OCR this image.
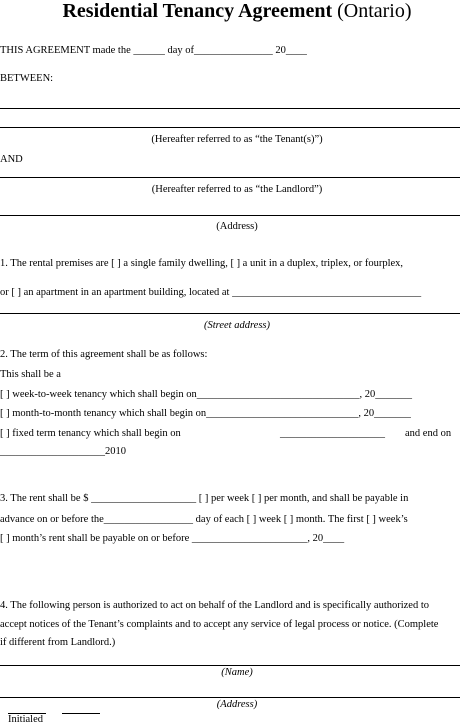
Residential Tenancy Agreement (Ontario)
THIS AGREEMENT made the ______ day of_______________ 20____
BETWEEN:
(Hereafter referred to as “the Tenant(s)”)
AND
(Hereafter referred to as “the Landlord”)
(Address)
1. The rental premises are [ ] a single family dwelling, [ ] a unit in a duplex, triplex, or fourplex,
or [ ] an apartment in an apartment building, located at ____________________________________
(Street address)
2. The term of this agreement shall be as follows:
This shall be a
[ ] week-to-week tenancy which shall begin on_______________________________, 20_______
[ ] month-to-month tenancy which shall begin on_____________________________, 20_______
[ ] fixed term tenancy which shall begin on	____________________ and end on
____________________2010
3. The rent shall be $ ____________________ [ ] per week [ ] per month, and shall be payable in
advance on or before the_________________ day of each [ ] week [ ] month. The first [ ] week’s
[ ] month’s rent shall be payable on or before ______________________, 20____
4. The following person is authorized to act on behalf of the Landlord and is specifically authorized to
accept notices of the Tenant’s complaints and to accept any service of legal process or notice. (Complete
if different from Landlord.)
(Name)
(Address)
Initialed
